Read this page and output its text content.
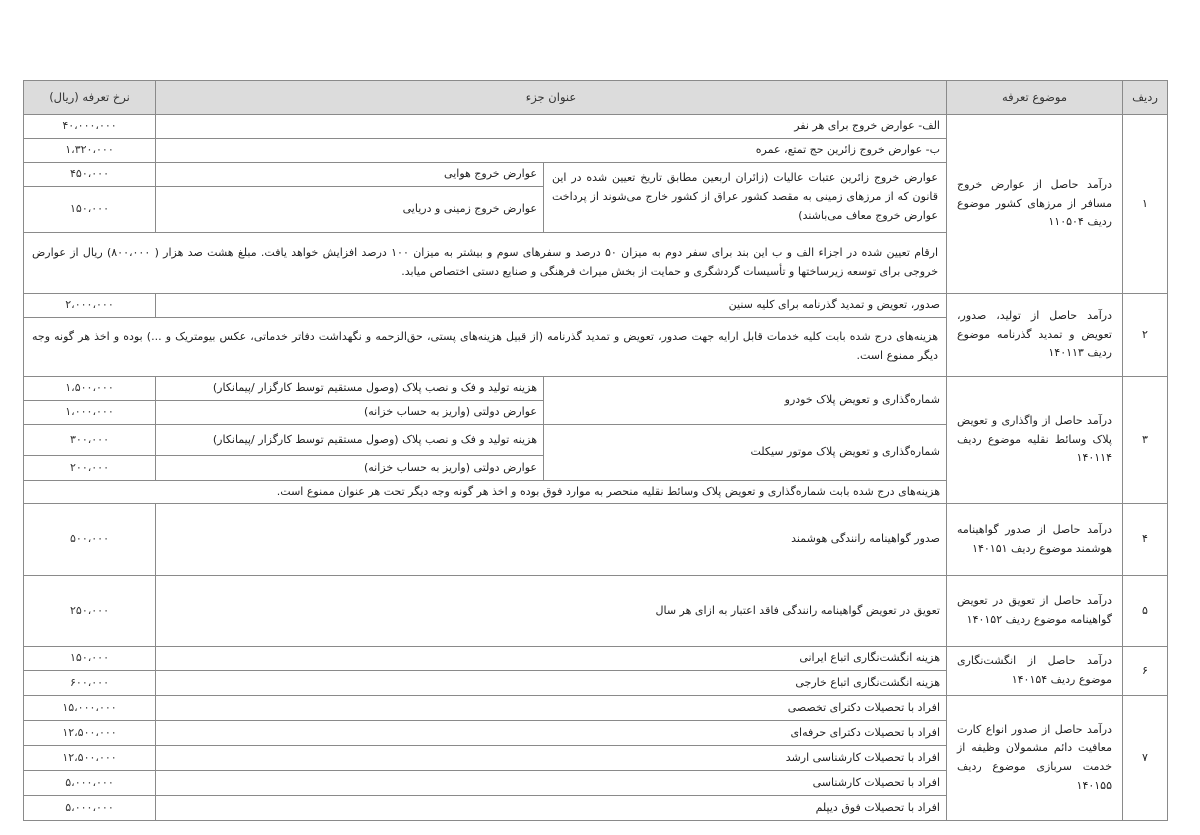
ردیف
موضوع تعرفه
عنوان جزء
نرخ تعرفه (ریال)
۱
درآمد حاصل از عوارض خروج مسافر از مرزهای کشور موضوع ردیف ۱۱۰۵۰۴
الف- عوارض خروج برای هر نفر
۴۰،۰۰۰،۰۰۰
ب- عوارض خروج زائرین حج تمتع، عمره
۱،۳۲۰،۰۰۰
عوارض خروج زائرین عتبات عالیات (زائران اربعین مطابق تاریخ تعیین شده در این قانون که از مرزهای زمینی به مقصد کشور عراق از کشور خارج می‌شوند از پرداخت عوارض خروج معاف می‌باشند)
عوارض خروج هوایی
۴۵۰،۰۰۰
عوارض خروج زمینی و دریایی
۱۵۰،۰۰۰
ارقام تعیین شده در اجزاء الف و ب این بند برای سفر دوم به میزان ۵۰ درصد و سفرهای سوم و بیشتر به میزان ۱۰۰ درصد افزایش خواهد یافت. مبلغ هشت صد هزار ( ۸۰۰،۰۰۰) ریال از عوارض خروجی برای توسعه زیرساختها و تأسیسات گردشگری و حمایت از بخش میراث فرهنگی و صنایع دستی اختصاص میابد.
۲
درآمد حاصل از تولید، صدور، تعویض و تمدید گذرنامه موضوع ردیف ۱۴۰۱۱۳
صدور، تعویض و تمدید گذرنامه برای کلیه سنین
۲،۰۰۰،۰۰۰
هزینه‌های درج شده بابت کلیه خدمات قابل ارایه جهت صدور، تعویض و تمدید گذرنامه (از قبیل هزینه‌های پستی، حق‌الزحمه و نگهداشت دفاتر خدماتی، عکس بیومتریک و ...) بوده و اخذ هر گونه وجه دیگر ممنوع است.
۳
درآمد حاصل از واگذاری و تعویض پلاک وسائط نقلیه موضوع ردیف ۱۴۰۱۱۴
شماره‌گذاری و تعویض پلاک خودرو
هزینه تولید و فک و نصب پلاک (وصول مستقیم توسط کارگزار /پیمانکار)
۱،۵۰۰،۰۰۰
عوارض دولتی (واریز به حساب خزانه)
۱،۰۰۰،۰۰۰
شماره‌گذاری و تعویض پلاک موتور سیکلت
هزینه تولید و فک و نصب پلاک (وصول مستقیم توسط کارگزار /پیمانکار)
۳۰۰،۰۰۰
عوارض دولتی (واریز به حساب خزانه)
۲۰۰،۰۰۰
هزینه‌های درج شده بابت شماره‌گذاری و تعویض پلاک وسائط نقلیه منحصر به موارد فوق بوده و اخذ هر گونه وجه دیگر تحت هر عنوان ممنوع است.
۴
درآمد حاصل از صدور گواهینامه هوشمند موضوع ردیف ۱۴۰۱۵۱
صدور گواهینامه رانندگی هوشمند
۵۰۰،۰۰۰
۵
درآمد حاصل از تعویق در تعویض گواهینامه موضوع ردیف ۱۴۰۱۵۲
تعویق در تعویض گواهینامه رانندگی فاقد اعتبار به ازای هر سال
۲۵۰،۰۰۰
۶
درآمد حاصل از انگشت‌نگاری موضوع ردیف ۱۴۰۱۵۴
هزینه انگشت‌نگاری اتباع ایرانی
۱۵۰،۰۰۰
هزینه انگشت‌نگاری اتباع خارجی
۶۰۰،۰۰۰
۷
درآمد حاصل از صدور انواع کارت معافیت دائم مشمولان وظیفه از خدمت سربازی موضوع ردیف ۱۴۰۱۵۵
افراد با تحصیلات دکترای تخصصی
۱۵،۰۰۰،۰۰۰
افراد با تحصیلات دکترای حرفه‌ای
۱۲،۵۰۰،۰۰۰
افراد با تحصیلات کارشناسی ارشد
۱۲،۵۰۰،۰۰۰
افراد با تحصیلات کارشناسی
۵،۰۰۰،۰۰۰
افراد با تحصیلات فوق دیپلم
۵،۰۰۰،۰۰۰
